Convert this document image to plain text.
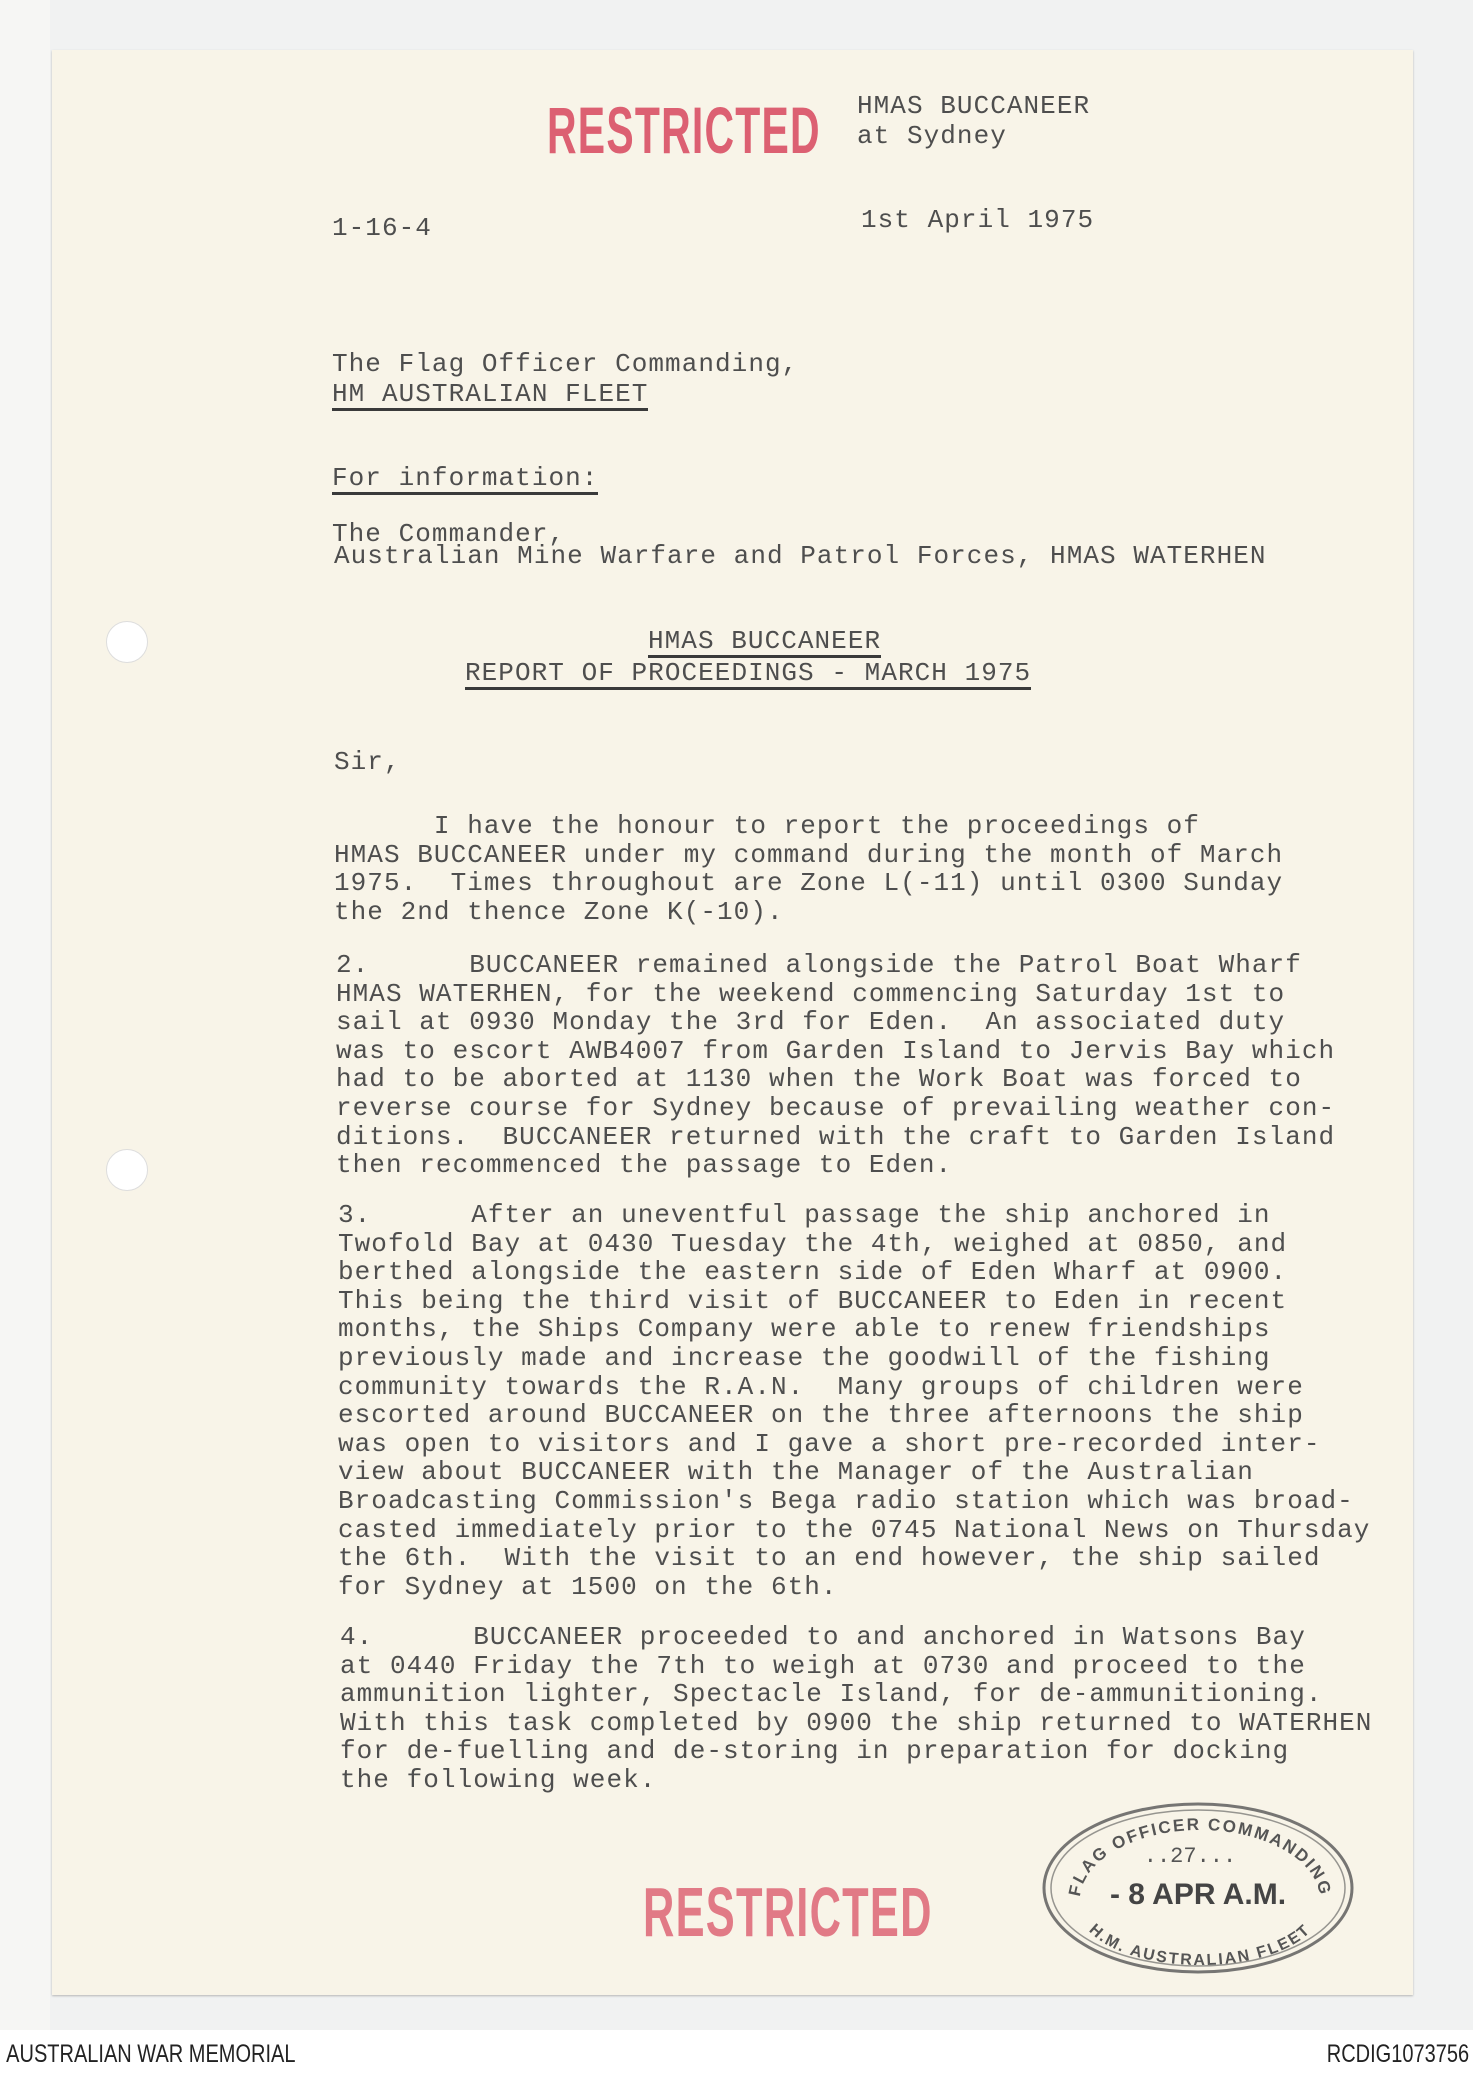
RESTRICTED HMAS BUCCANEER
at Sydney
1-16-4	1st April 1975
The Flag Officer Commanding,
HM AUSTRALIAN FLEET
For information:
The Commander,
Australian Mine Warfare and Patrol Forces, HMAS WATERHEN
HMAS BUCCANEER
REPORT OF PROCEEDINGS - MARCH 1975
Sir,
I have the honour to report the proceedings of
HMAS BUCCANEER under my command during the month of March
1975.  Times throughout are Zone L(-11) until 0300 Sunday
the 2nd thence Zone K(-10).
2.      BUCCANEER remained alongside the Patrol Boat Wharf
HMAS WATERHEN, for the weekend commencing Saturday 1st to
sail at 0930 Monday the 3rd for Eden.  An associated duty
was to escort AWB4007 from Garden Island to Jervis Bay which
had to be aborted at 1130 when the Work Boat was forced to
reverse course for Sydney because of prevailing weather con-
ditions.  BUCCANEER returned with the craft to Garden Island
then recommenced the passage to Eden.
3.      After an uneventful passage the ship anchored in
Twofold Bay at 0430 Tuesday the 4th, weighed at 0850, and
berthed alongside the eastern side of Eden Wharf at 0900.
This being the third visit of BUCCANEER to Eden in recent
months, the Ships Company were able to renew friendships
previously made and increase the goodwill of the fishing
community towards the R.A.N.  Many groups of children were
escorted around BUCCANEER on the three afternoons the ship
was open to visitors and I gave a short pre-recorded inter-
view about BUCCANEER with the Manager of the Australian
Broadcasting Commission's Bega radio station which was broad-
casted immediately prior to the 0745 National News on Thursday
the 6th.  With the visit to an end however, the ship sailed
for Sydney at 1500 on the 6th.
4.      BUCCANEER proceeded to and anchored in Watsons Bay
at 0440 Friday the 7th to weigh at 0730 and proceed to the
ammunition lighter, Spectacle Island, for de-ammunitioning.
With this task completed by 0900 the ship returned to WATERHEN
for de-fuelling and de-storing in preparation for docking
the following week.
RESTRICTED	FLAG OFFICER COMMANDING
..27...
- 8 APR A.M.
H.M. AUSTRALIAN FLEET
AUSTRALIAN WAR MEMORIAL	RCDIG1073756
